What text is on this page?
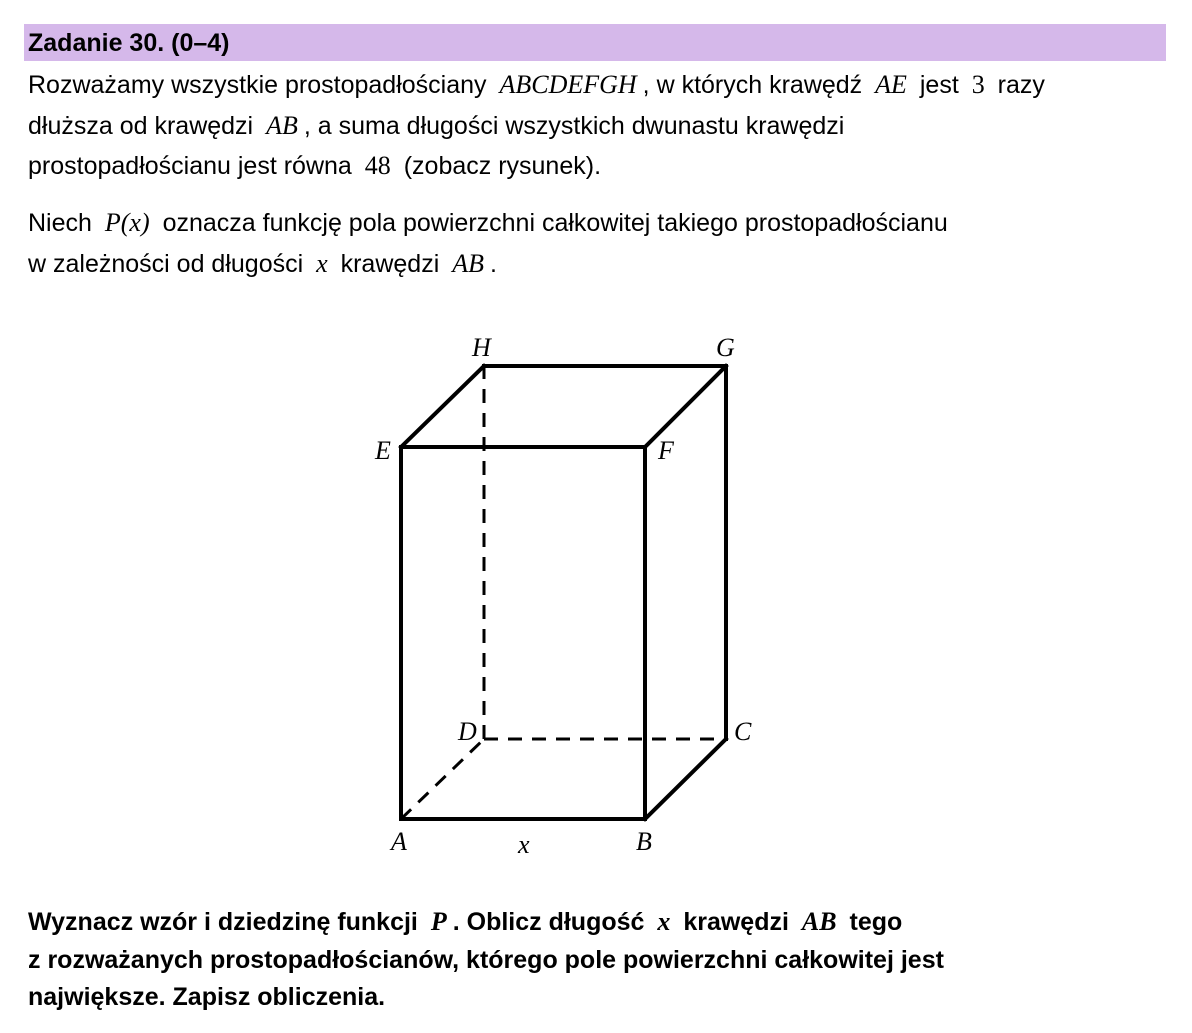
Zadanie 30. (0–4)
Rozważamy wszystkie prostopadłościany ABCDEFGH , w których krawędź AE jest 3 razy
dłuższa od krawędzi AB , a suma długości wszystkich dwunastu krawędzi
prostopadłościanu jest równa 48 (zobacz rysunek).
Niech P(x) oznacza funkcję pola powierzchni całkowitej takiego prostopadłościanu
w zależności od długości x krawędzi AB .
H	G
E	F
D	C
A	x	B
Wyznacz wzór i dziedzinę funkcji P . Oblicz długość x krawędzi AB tego
z rozważanych prostopadłościanów, którego pole powierzchni całkowitej jest
największe. Zapisz obliczenia.
